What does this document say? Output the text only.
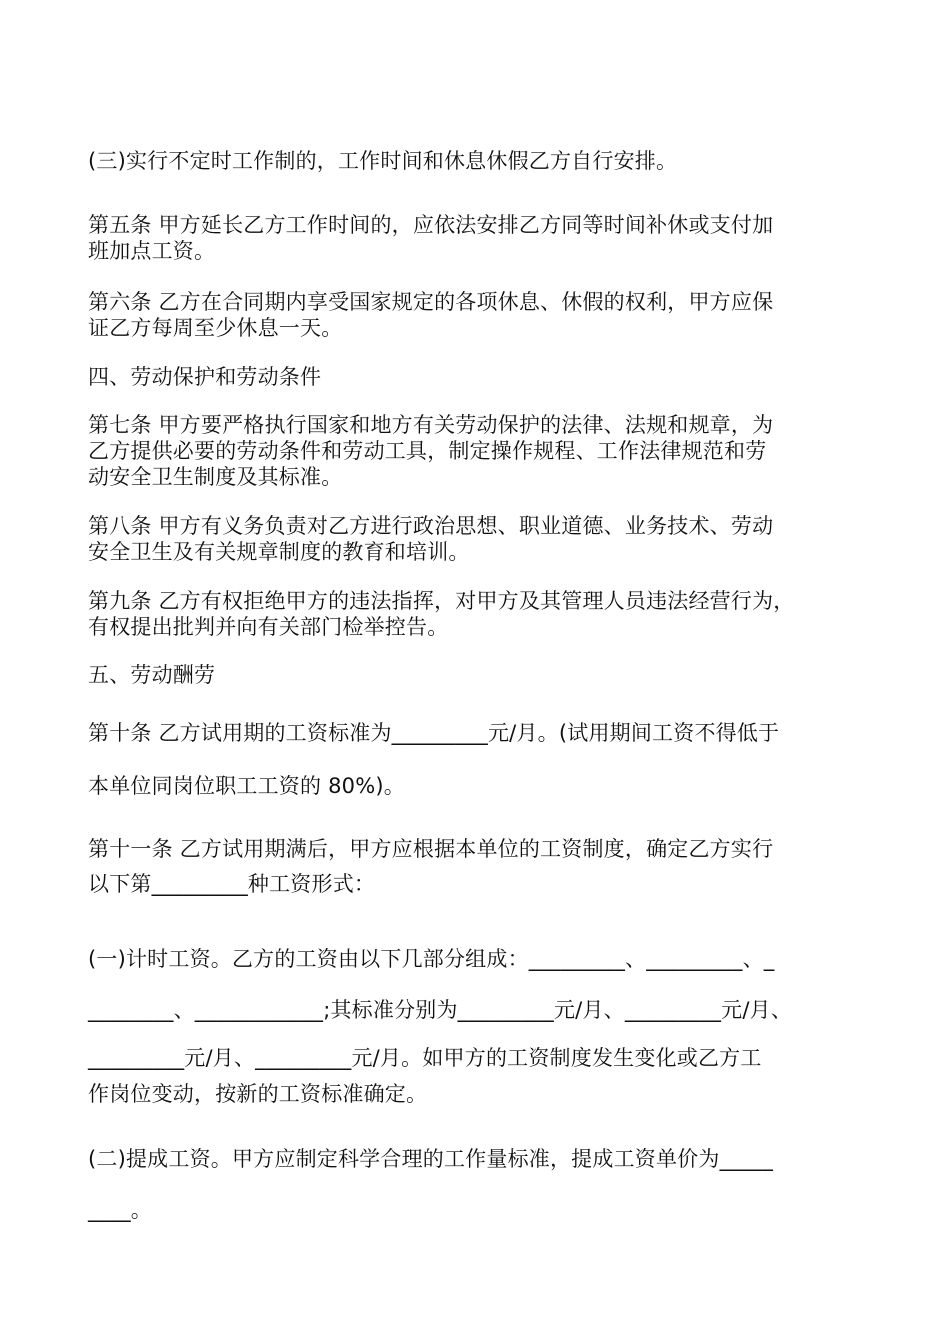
(三)实行不定时工作制的，工作时间和休息休假乙方自行安排。
第五条 甲方延长乙方工作时间的，应依法安排乙方同等时间补休或支付加
班加点工资。
第六条 乙方在合同期内享受国家规定的各项休息、休假的权利，甲方应保
证乙方每周至少休息一天。
四、劳动保护和劳动条件
第七条 甲方要严格执行国家和地方有关劳动保护的法律、法规和规章，为
乙方提供必要的劳动条件和劳动工具，制定操作规程、工作法律规范和劳
动安全卫生制度及其标准。
第八条 甲方有义务负责对乙方进行政治思想、职业道德、业务技术、劳动
安全卫生及有关规章制度的教育和培训。
第九条 乙方有权拒绝甲方的违法指挥，对甲方及其管理人员违法经营行为，
有权提出批判并向有关部门检举控告。
五、劳动酬劳
第十条 乙方试用期的工资标准为_________元/月。(试用期间工资不得低于
本单位同岗位职工工资的 80%)。
第十一条 乙方试用期满后，甲方应根据本单位的工资制度，确定乙方实行
以下第_________种工资形式：
(一)计时工资。乙方的工资由以下几部分组成：_________、_________、_
________、____________;其标准分别为_________元/月、_________元/月、
_________元/月、_________元/月。如甲方的工资制度发生变化或乙方工
作岗位变动，按新的工资标准确定。
(二)提成工资。甲方应制定科学合理的工作量标准，提成工资单价为_____
____。
